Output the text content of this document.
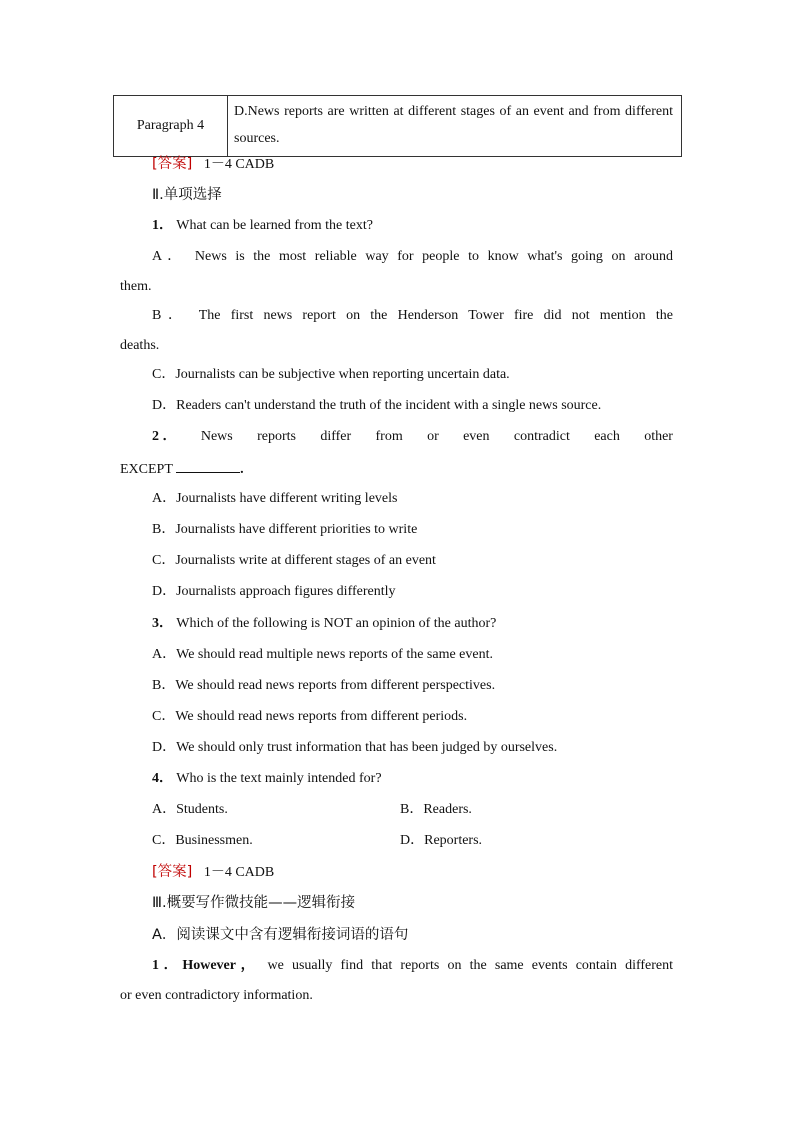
Paragraph 4	D.News reports are written at different stages of an event and from different sources.
[答案] 1－4 CADB
Ⅱ.单项选择
1． What can be learned from the text?
A． News is the most reliable way for people to know what's going on around
them.
B． The first news report on the Henderson Tower fire did not mention the
deaths.
C．Journalists can be subjective when reporting uncertain data.
D．Readers can't understand the truth of the incident with a single news source.
2 ． News reports differ from or even contradict each other
EXCEPT	.
A．Journalists have different writing levels
B．Journalists have different priorities to write
C．Journalists write at different stages of an event
D．Journalists approach figures differently
3． Which of the following is NOT an opinion of the author?
A．We should read multiple news reports of the same event.
B．We should read news reports from different perspectives.
C．We should read news reports from different periods.
D．We should only trust information that has been judged by ourselves.
4． Who is the text mainly intended for?
A．Students.	B．Readers.
C．Businessmen.	D．Reporters.
[答案] 1－4 CADB
Ⅲ.概要写作微技能——逻辑衔接
A．阅读课文中含有逻辑衔接词语的语句
1．However， we usually find that reports on the same events contain different
or even contradictory information.
